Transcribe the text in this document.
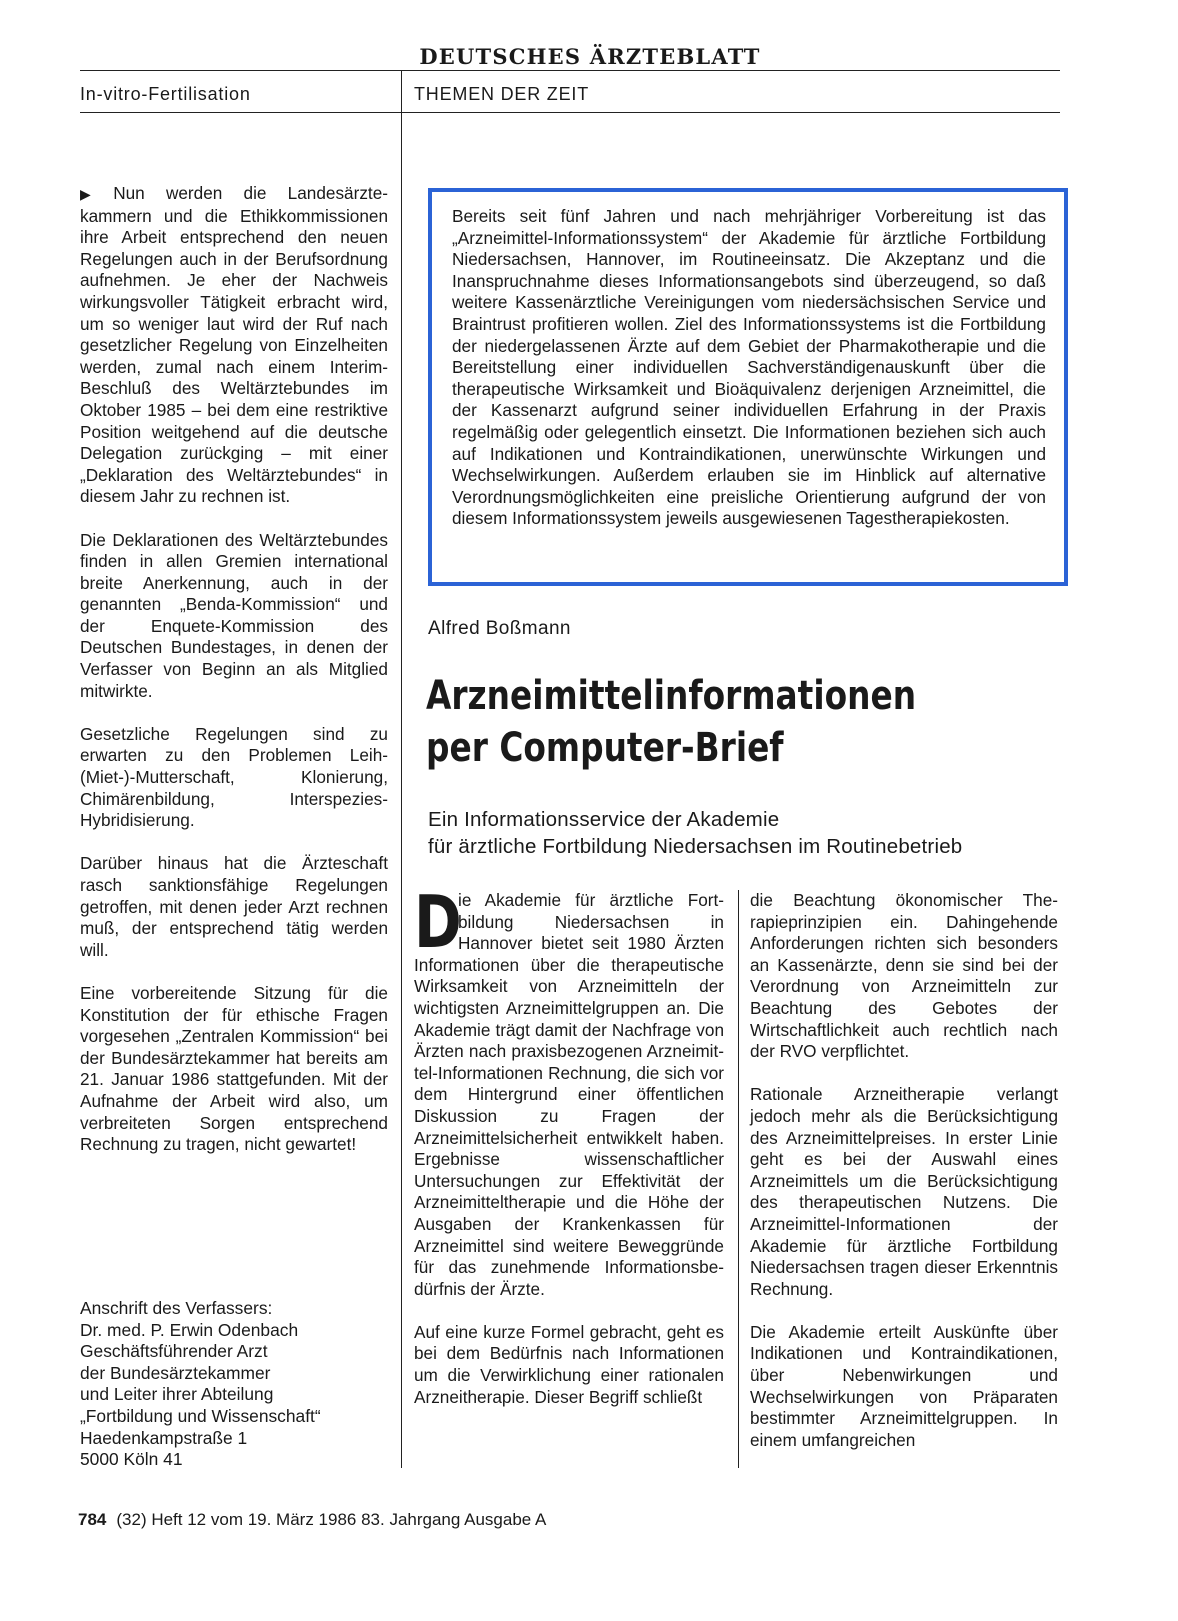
DEUTSCHES ÄRZTEBLATT
In-vitro-Fertilisation	THEMEN DER ZEIT

▶ Nun werden die Landesärztekammern und die Ethikkommissionen ihre Arbeit entsprechend den neuen Regelungen auch in der Berufsordnung aufnehmen. Je eher der Nachweis wirkungsvoller Tätigkeit erbracht wird, um so weniger laut wird der Ruf nach gesetzlicher Regelung von Einzelheiten werden, zumal nach einem Interim-Beschluß des Weltärztebundes im Oktober 1985 – bei dem eine restriktive Position weitgehend auf die deutsche Delegation zurückging – mit einer „Deklaration des Weltärztebundes“ in diesem Jahr zu rechnen ist.

Die Deklarationen des Weltärztebundes finden in allen Gremien international breite Anerkennung, auch in der genannten „Benda-Kommission“ und der Enquete-Kommission des Deutschen Bundestages, in denen der Verfasser von Beginn an als Mitglied mitwirkte.

Gesetzliche Regelungen sind zu erwarten zu den Problemen Leih-(Miet-)-Mutterschaft, Klonierung, Chimärenbildung, Interspezies-Hybridisierung.

Darüber hinaus hat die Ärzteschaft rasch sanktionsfähige Regelungen getroffen, mit denen jeder Arzt rechnen muß, der entsprechend tätig werden will.

Eine vorbereitende Sitzung für die Konstitution der für ethische Fragen vorgesehen „Zentralen Kommission“ bei der Bundesärztekammer hat bereits am 21. Januar 1986 stattgefunden. Mit der Aufnahme der Arbeit wird also, um verbreiteten Sorgen entsprechend Rechnung zu tragen, nicht gewartet!

Anschrift des Verfassers:
Dr. med. P. Erwin Odenbach
Geschäftsführender Arzt
der Bundesärztekammer
und Leiter ihrer Abteilung
„Fortbildung und Wissenschaft“
Haedenkampstraße 1
5000 Köln 41
Bereits seit fünf Jahren und nach mehrjähriger Vorbereitung ist das „Arzneimittel-Informationssystem“ der Akademie für ärztliche Fortbildung Niedersachsen, Hannover, im Routineeinsatz. Die Akzeptanz und die Inanspruchnahme dieses Informationsangebots sind überzeugend, so daß weitere Kassenärztliche Vereinigungen vom niedersächsischen Service und Braintrust profitieren wollen. Ziel des Informationssystems ist die Fortbildung der niedergelassenen Ärzte auf dem Gebiet der Pharmakotherapie und die Bereitstellung einer individuellen Sachverständigenauskunft über die therapeutische Wirksamkeit und Bioäquivalenz derjenigen Arzneimittel, die der Kassenarzt aufgrund seiner individuellen Erfahrung in der Praxis regelmäßig oder gelegentlich einsetzt. Die Informationen beziehen sich auch auf Indikationen und Kontraindikationen, unerwünschte Wirkungen und Wechselwirkungen. Außerdem erlauben sie im Hinblick auf alternative Verordnungsmöglichkeiten eine preisliche Orientierung aufgrund der von diesem Informationssystem jeweils ausgewiesenen Tagestherapiekosten.
Alfred Boßmann
Arzneimittelinformationen
per Computer-Brief
Ein Informationsservice der Akademie
für ärztliche Fortbildung Niedersachsen im Routinebetrieb

D
ie Akademie für ärztliche Fortbildung Niedersachsen in Hannover bietet seit 1980 Ärzten Informationen über die therapeutische Wirksamkeit von Arzneimitteln der wichtigsten Arzneimittelgruppen an. Die Akademie trägt damit der Nachfrage von Ärzten nach praxisbezogenen Arzneimittel-Informationen Rechnung, die sich vor dem Hintergrund einer öffentlichen Diskussion zu Fragen der Arzneimittelsicherheit entwikkelt haben. Ergebnisse wissenschaftlicher Untersuchungen zur Effektivität der Arzneimitteltherapie und die Höhe der Ausgaben der Krankenkassen für Arzneimittel sind weitere Beweggründe für das zunehmende Informationsbedürfnis der Ärzte.

Auf eine kurze Formel gebracht, geht es bei dem Bedürfnis nach Informationen um die Verwirklichung einer rationalen Arzneitherapie. Dieser Begriff schließt

die Beachtung ökonomischer Therapieprinzipien ein. Dahingehende Anforderungen richten sich besonders an Kassenärzte, denn sie sind bei der Verordnung von Arzneimitteln zur Beachtung des Gebotes der Wirtschaftlichkeit auch rechtlich nach der RVO verpflichtet.

Rationale Arzneitherapie verlangt jedoch mehr als die Berücksichtigung des Arzneimittelpreises. In erster Linie geht es bei der Auswahl eines Arzneimittels um die Berücksichtigung des therapeutischen Nutzens. Die Arzneimittel-Informationen der Akademie für ärztliche Fortbildung Niedersachsen tragen dieser Erkenntnis Rechnung.

Die Akademie erteilt Auskünfte über Indikationen und Kontraindikationen, über Nebenwirkungen und Wechselwirkungen von Präparaten bestimmter Arzneimittelgruppen. In einem umfangreichen

784 (32) Heft 12 vom 19. März 1986 83. Jahrgang Ausgabe A
